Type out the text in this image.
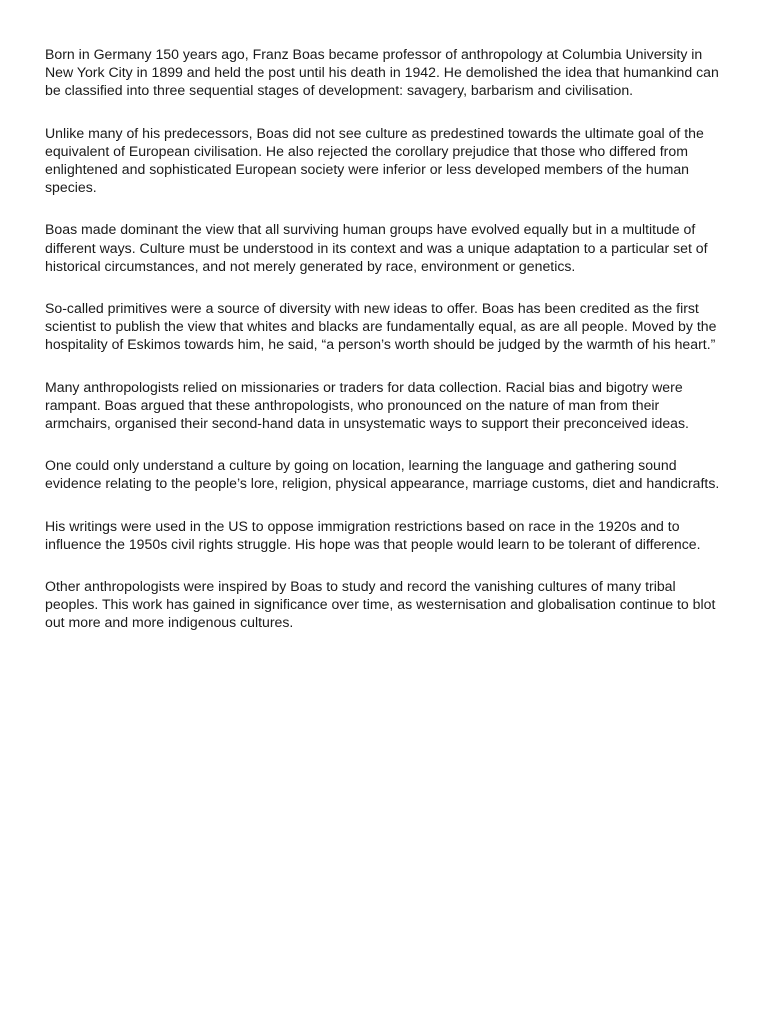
Born in Germany 150 years ago, Franz Boas became professor of anthropology at Columbia University in New York City in 1899 and held the post until his death in 1942. He demolished the idea that humankind can be classified into three sequential stages of development: savagery, barbarism and civilisation.

Unlike many of his predecessors, Boas did not see culture as predestined towards the ultimate goal of the equivalent of European civilisation. He also rejected the corollary prejudice that those who differed from enlightened and sophisticated European society were inferior or less developed members of the human species.

Boas made dominant the view that all surviving human groups have evolved equally but in a multitude of different ways. Culture must be understood in its context and was a unique adaptation to a particular set of historical circumstances, and not merely generated by race, environment or genetics.

So-called primitives were a source of diversity with new ideas to offer. Boas has been credited as the first scientist to publish the view that whites and blacks are fundamentally equal, as are all people. Moved by the hospitality of Eskimos towards him, he said, “a person’s worth should be judged by the warmth of his heart.”

Many anthropologists relied on missionaries or traders for data collection. Racial bias and bigotry were rampant. Boas argued that these anthropologists, who pronounced on the nature of man from their armchairs, organised their second-hand data in unsystematic ways to support their preconceived ideas.

One could only understand a culture by going on location, learning the language and gathering sound evidence relating to the people’s lore, religion, physical appearance, marriage customs, diet and handicrafts.

His writings were used in the US to oppose immigration restrictions based on race in the 1920s and to influence the 1950s civil rights struggle. His hope was that people would learn to be tolerant of difference.

Other anthropologists were inspired by Boas to study and record the vanishing cultures of many tribal peoples. This work has gained in significance over time, as westernisation and globalisation continue to blot out more and more indigenous cultures.
